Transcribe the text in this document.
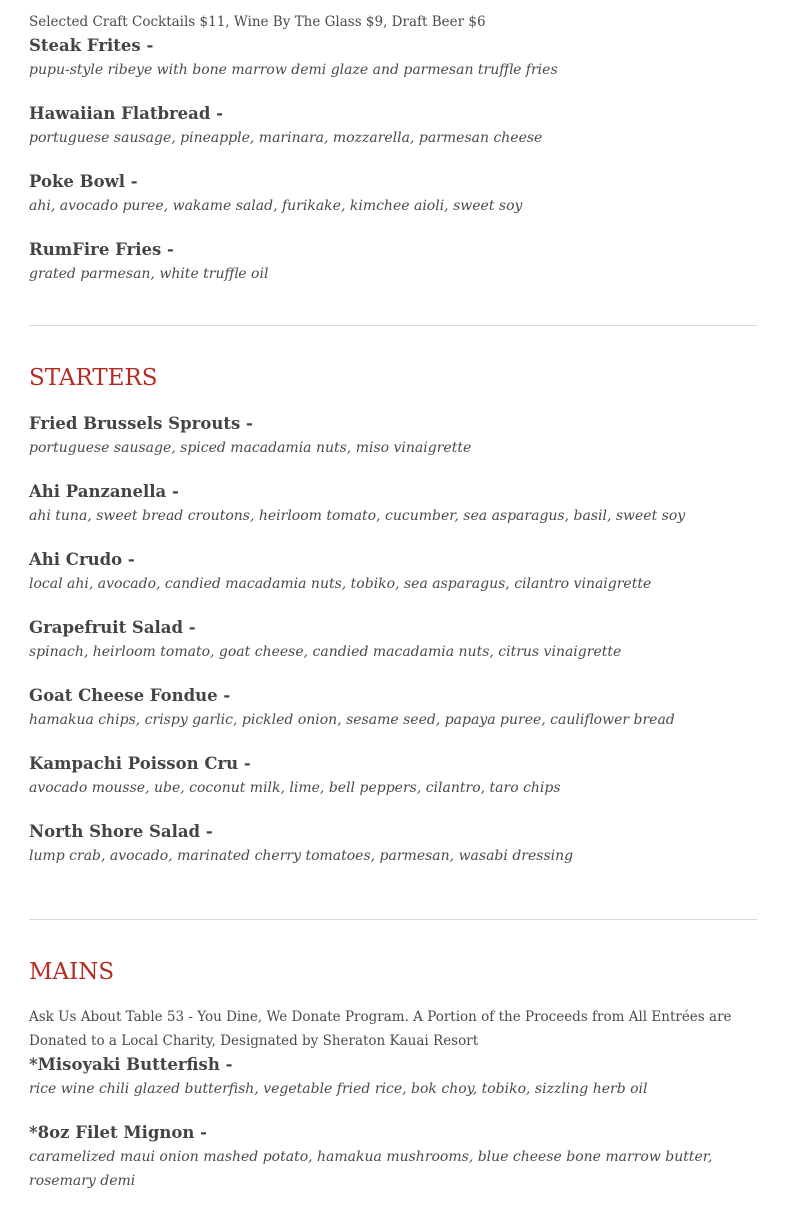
Selected Craft Cocktails $11, Wine By The Glass $9, Draft Beer $6

Steak Frites -
pupu-style ribeye with bone marrow demi glaze and parmesan truffle fries
Hawaiian Flatbread -
portuguese sausage, pineapple, marinara, mozzarella, parmesan cheese
Poke Bowl -
ahi, avocado puree, wakame salad, furikake, kimchee aioli, sweet soy
RumFire Fries -
grated parmesan, white truffle oil
STARTERS
Fried Brussels Sprouts -
portuguese sausage, spiced macadamia nuts, miso vinaigrette
Ahi Panzanella -
ahi tuna, sweet bread croutons, heirloom tomato, cucumber, sea asparagus, basil, sweet soy
Ahi Crudo -
local ahi, avocado, candied macadamia nuts, tobiko, sea asparagus, cilantro vinaigrette
Grapefruit Salad -
spinach, heirloom tomato, goat cheese, candied macadamia nuts, citrus vinaigrette
Goat Cheese Fondue -
hamakua chips, crispy garlic, pickled onion, sesame seed, papaya puree, cauliflower bread
Kampachi Poisson Cru -
avocado mousse, ube, coconut milk, lime, bell peppers, cilantro, taro chips
North Shore Salad -
lump crab, avocado, marinated cherry tomatoes, parmesan, wasabi dressing
MAINS

Ask Us About Table 53 - You Dine, We Donate Program. A Portion of the Proceeds from All Entrées are Donated to a Local Charity, Designated by Sheraton Kauai Resort

*Misoyaki Butterfish -
rice wine chili glazed butterfish, vegetable fried rice, bok choy, tobiko, sizzling herb oil
*8oz Filet Mignon -
caramelized maui onion mashed potato, hamakua mushrooms, blue cheese bone marrow butter, rosemary demi
